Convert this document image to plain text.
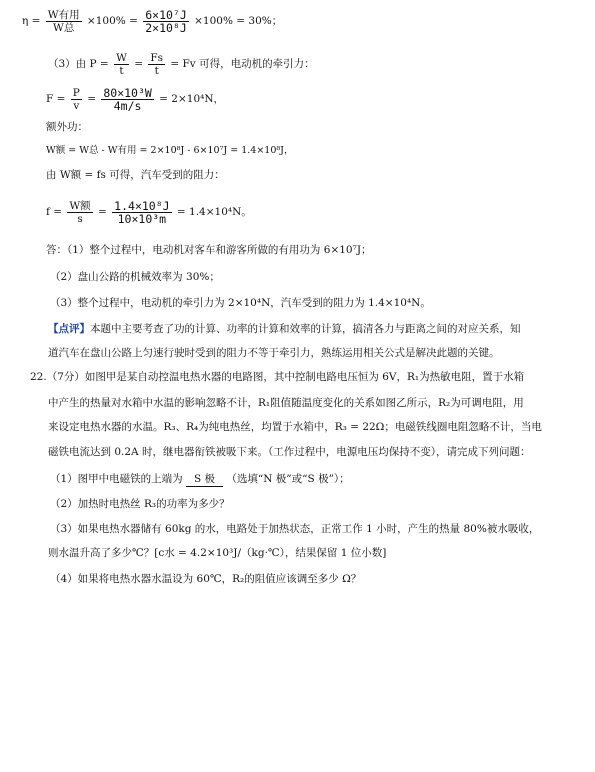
$\eta = \frac{\text{W有用}}{\text{W总}} \times 100\% = \frac{\text{6×10⁷J}}{\text{2×10⁸J}} \times 100\% = 30\%$；
（3）由 $P = \frac{W}{t} = \frac{Fs}{t} = Fv$ 可得，电动机的牵引力：
$F = \frac{P}{v} = \frac{\text{80×10³W}}{4m/s} = 2\times 10^4N$，
额外功：
W额 = W总 - W有用 = 2×10⁸J - 6×10⁷J = 1.4×10⁸J，
由 W额 = fs 可得，汽车受到的阻力：
$f = \frac{\text{W额}}{s} = \frac{\text{1.4×10⁸J}}{\text{10×10³m}} = 1.4\times 10^4N$。
答：（1）整个过程中，电动机对客车和游客所做的有用功为 6×10⁷J；
（2）盘山公路的机械效率为 30%；
（3）整个过程中，电动机的牵引力为 2×10⁴N，汽车受到的阻力为 1.4×10⁴N。
【点评】本题中主要考查了功的计算、功率的计算和效率的计算，搞清各力与距离之间的对应关系，知
道汽车在盘山公路上匀速行驶时受到的阻力不等于牵引力，熟练运用相关公式是解决此题的关键。
22.（7分）如图甲是某自动控温电热水器的电路图，其中控制电路电压恒为 6V，R₁为热敏电阻，置于水箱
中产生的热量对水箱中水温的影响忽略不计，R₁阻值随温度变化的关系如图乙所示，R₂为可调电阻，用
来设定电热水器的水温。R₃、R₄为纯电热丝，均置于水箱中，R₃ = 22Ω；电磁铁线圈电阻忽略不计，当电
磁铁电流达到 0.2A 时，继电器衔铁被吸下来。（工作过程中，电源电压均保持不变），请完成下列问题：
（1）图甲中电磁铁的上端为 S 极 （选填“N 极”或“S 极”）；
（2）加热时电热丝 R₃的功率为多少？
（3）如果电热水器储有 60kg 的水，电路处于加热状态，正常工作 1 小时，产生的热量 80%被水吸收，
则水温升高了多少℃？[c水 = 4.2×10³J/（kg·℃），结果保留 1 位小数]
（4）如果将电热水器水温设为 60℃，R₂的阻值应该调至多少 Ω？
